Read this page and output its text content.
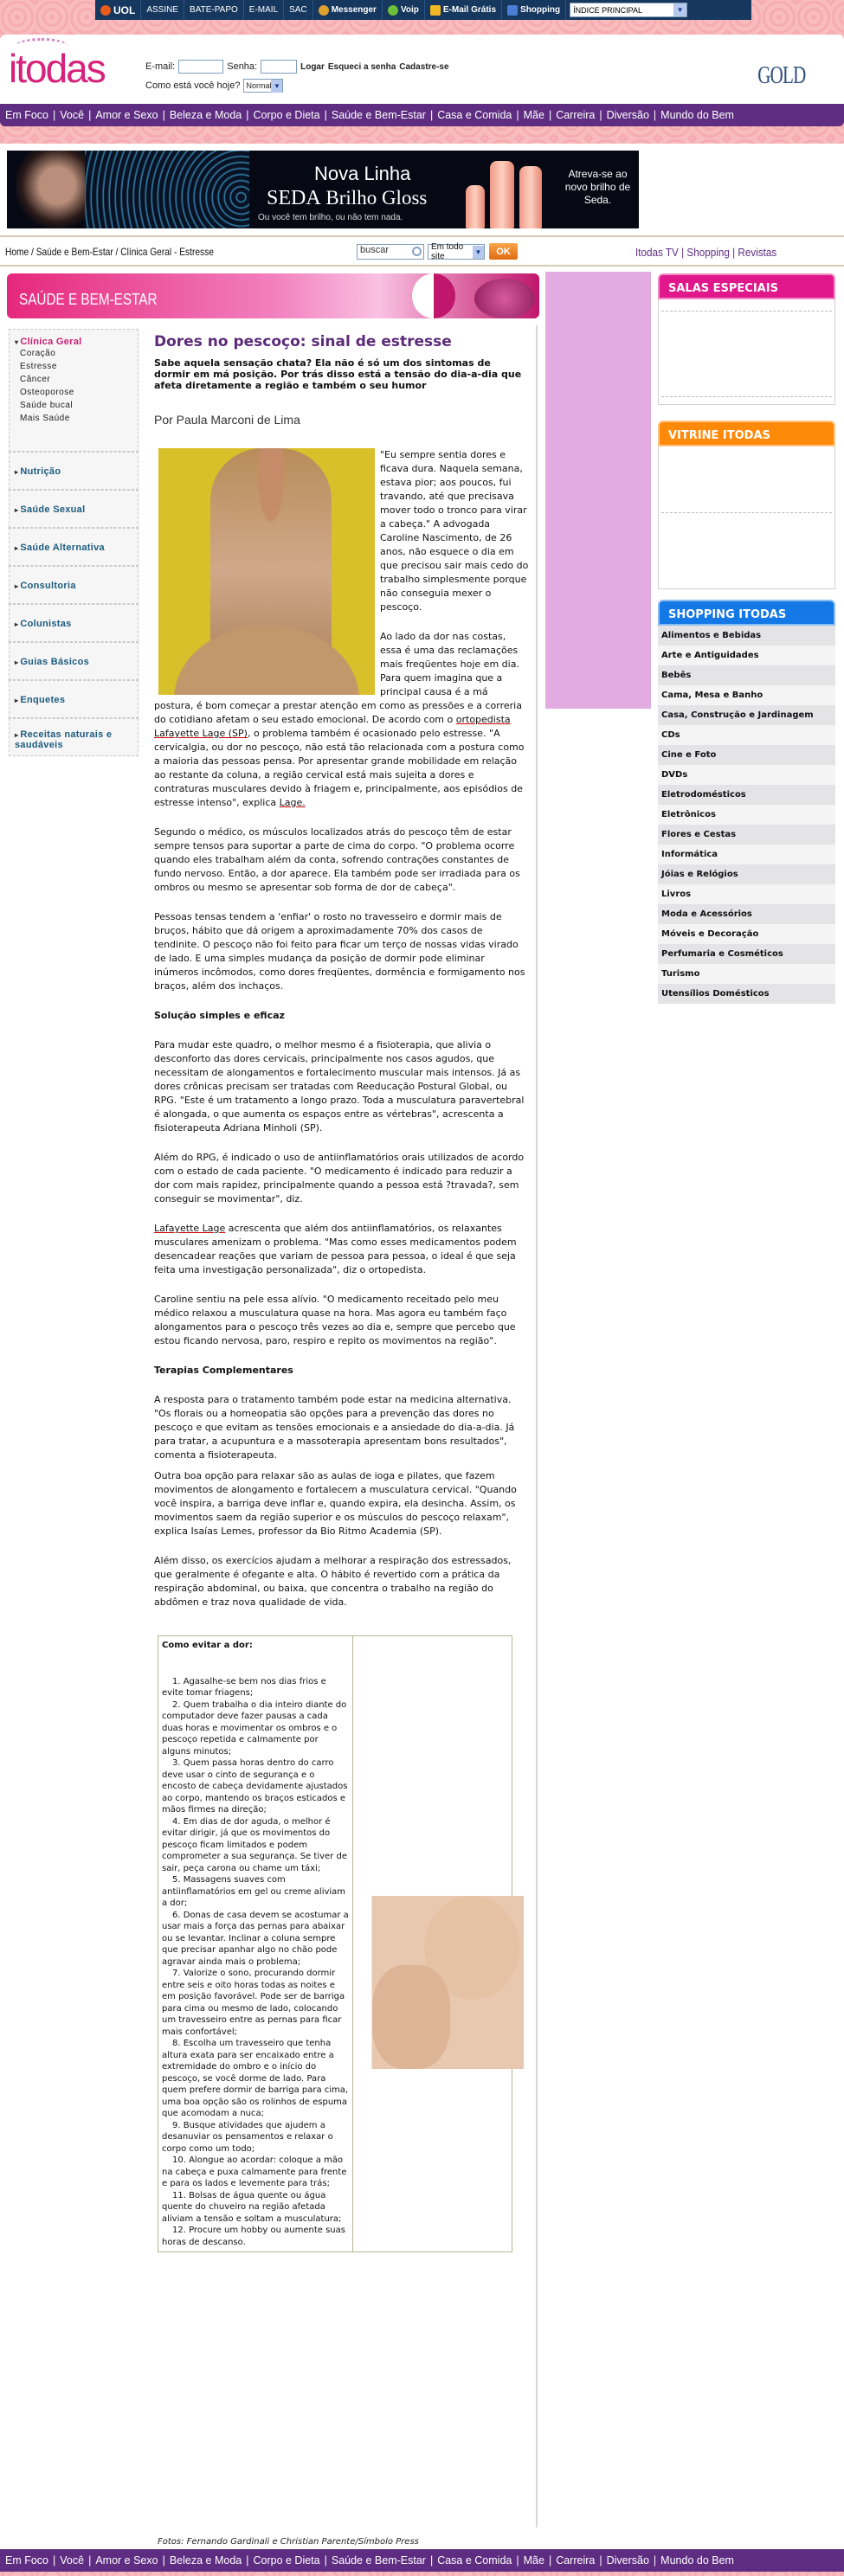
UOL	ASSINE	BATE-PAPO	E-MAIL	SAC	Messenger	Voip	E-Mail Grátis	Shopping ÍNDICE PRINCIPAL	▼
itodas	E-mail:	Senha:	Logar Esqueci a senha Cadastre-se
Como está você hoje? Normal ▼	GOLD
Em Foco | Você | Amor e Sexo | Beleza e Moda | Corpo e Dieta | Saúde e Bem-Estar | Casa e Comida | Mãe | Carreira | Diversão | Mundo do Bem
Nova Linha
SEDA Brilho Gloss
Ou você tem brilho, ou não tem nada.
Atreva-se ao novo brilho de Seda.
Home / Saúde e Bem-Estar / Clínica Geral - Estresse	buscar	Em todo site	▼	OK	Itodas TV | Shopping | Revistas
SAÚDE E BEM-ESTAR
▾ Clínica Geral
Coração
Estresse
Câncer
Osteoporose
Saúde bucal
Mais Saúde
▸ Nutrição
▸ Saúde Sexual
▸ Saúde Alternativa
▸ Consultoria
▸ Colunistas
▸ Guias Básicos
▸ Enquetes
▸ Receitas naturais e saudáveis
Dores no pescoço: sinal de estresse
Sabe aquela sensação chata? Ela não é só um dos sintomas de dormir em má posição. Por trás disso está a tensão do dia-a-dia que afeta diretamente a região e também o seu humor
Por Paula Marconi de Lima

"Eu sempre sentia dores e ficava dura. Naquela semana, estava pior; aos poucos, fui travando, até que precisava mover todo o tronco para virar a cabeça." A advogada Caroline Nascimento, de 26 anos, não esquece o dia em que precisou sair mais cedo do trabalho simplesmente porque não conseguia mexer o pescoço.

Ao lado da dor nas costas, essa é uma das reclamações mais freqüentes hoje em dia. Para quem imagina que a principal causa é a má postura, é bom começar a prestar atenção em como as pressões e a correria do cotidiano afetam o seu estado emocional. De acordo com o ortopedista Lafayette Lage (SP), o problema também é ocasionado pelo estresse. "A cervicalgia, ou dor no pescoço, não está tão relacionada com a postura como a maioria das pessoas pensa. Por apresentar grande mobilidade em relação ao restante da coluna, a região cervical está mais sujeita a dores e contraturas musculares devido à friagem e, principalmente, aos episódios de estresse intenso", explica Lage.

Segundo o médico, os músculos localizados atrás do pescoço têm de estar sempre tensos para suportar a parte de cima do corpo. "O problema ocorre quando eles trabalham além da conta, sofrendo contrações constantes de fundo nervoso. Então, a dor aparece. Ela também pode ser irradiada para os ombros ou mesmo se apresentar sob forma de dor de cabeça".

Pessoas tensas tendem a 'enfiar' o rosto no travesseiro e dormir mais de bruços, hábito que dá origem a aproximadamente 70% dos casos de tendinite. O pescoço não foi feito para ficar um terço de nossas vidas virado de lado. E uma simples mudança da posição de dormir pode eliminar inúmeros incômodos, como dores freqüentes, dormência e formigamento nos braços, além dos inchaços.

Solução simples e eficaz

Para mudar este quadro, o melhor mesmo é a fisioterapia, que alivia o desconforto das dores cervicais, principalmente nos casos agudos, que necessitam de alongamentos e fortalecimento muscular mais intensos. Já as dores crônicas precisam ser tratadas com Reeducação Postural Global, ou RPG. "Este é um tratamento a longo prazo. Toda a musculatura paravertebral é alongada, o que aumenta os espaços entre as vértebras", acrescenta a fisioterapeuta Adriana Minholi (SP).

Além do RPG, é indicado o uso de antiinflamatórios orais utilizados de acordo com o estado de cada paciente. "O medicamento é indicado para reduzir a dor com mais rapidez, principalmente quando a pessoa está ?travada?, sem conseguir se movimentar", diz.

Lafayette Lage acrescenta que além dos antiinflamatórios, os relaxantes musculares amenizam o problema. "Mas como esses medicamentos podem desencadear reações que variam de pessoa para pessoa, o ideal é que seja feita uma investigação personalizada", diz o ortopedista.

Caroline sentiu na pele essa alívio. "O medicamento receitado pelo meu médico relaxou a musculatura quase na hora. Mas agora eu também faço alongamentos para o pescoço três vezes ao dia e, sempre que percebo que estou ficando nervosa, paro, respiro e repito os movimentos na região".

Terapias Complementares

A resposta para o tratamento também pode estar na medicina alternativa. "Os florais ou a homeopatia são opções para a prevenção das dores no pescoço e que evitam as tensões emocionais e a ansiedade do dia-a-dia. Já para tratar, a acupuntura e a massoterapia apresentam bons resultados", comenta a fisioterapeuta.

Outra boa opção para relaxar são as aulas de ioga e pilates, que fazem movimentos de alongamento e fortalecem a musculatura cervical. "Quando você inspira, a barriga deve inflar e, quando expira, ela desincha. Assim, os movimentos saem da região superior e os músculos do pescoço relaxam", explica Isaías Lemes, professor da Bio Ritmo Academia (SP).

Além disso, os exercícios ajudam a melhorar a respiração dos estressados, que geralmente é ofegante e alta. O hábito é revertido com a prática da respiração abdominal, ou baixa, que concentra o trabalho na região do abdômen e traz nova qualidade de vida.

Como evitar a dor:
1. Agasalhe-se bem nos dias frios e evite tomar friagens;
2. Quem trabalha o dia inteiro diante do computador deve fazer pausas a cada duas horas e movimentar os ombros e o pescoço repetida e calmamente por alguns minutos;
3. Quem passa horas dentro do carro deve usar o cinto de segurança e o encosto de cabeça devidamente ajustados ao corpo, mantendo os braços esticados e mãos firmes na direção;
4. Em dias de dor aguda, o melhor é evitar dirigir, já que os movimentos do pescoço ficam limitados e podem comprometer a sua segurança. Se tiver de sair, peça carona ou chame um táxi;
5. Massagens suaves com antiinflamatórios em gel ou creme aliviam a dor;
6. Donas de casa devem se acostumar a usar mais a força das pernas para abaixar ou se levantar. Inclinar a coluna sempre que precisar apanhar algo no chão pode agravar ainda mais o problema;
7. Valorize o sono, procurando dormir entre seis e oito horas todas as noites e em posição favorável. Pode ser de barriga para cima ou mesmo de lado, colocando um travesseiro entre as pernas para ficar mais confortável;
8. Escolha um travesseiro que tenha altura exata para ser encaixado entre a extremidade do ombro e o início do pescoço, se você dorme de lado. Para quem prefere dormir de barriga para cima, uma boa opção são os rolinhos de espuma que acomodam a nuca;
9. Busque atividades que ajudem a desanuviar os pensamentos e relaxar o corpo como um todo;
10. Alongue ao acordar: coloque a mão na cabeça e puxa calmamente para frente e para os lados e levemente para trás;
11. Bolsas de água quente ou água quente do chuveiro na região afetada aliviam a tensão e soltam a musculatura;
12. Procure um hobby ou aumente suas horas de descanso.
Fotos: Fernando Gardinali e Christian Parente/Símbolo Press
SALAS ESPECIAIS
VITRINE ITODAS
SHOPPING ITODAS
Alimentos e Bebidas
Arte e Antiguidades
Bebês
Cama, Mesa e Banho
Casa, Construção e Jardinagem
CDs
Cine e Foto
DVDs
Eletrodomésticos
Eletrônicos
Flores e Cestas
Informática
Jóias e Relógios
Livros
Moda e Acessórios
Móveis e Decoração
Perfumaria e Cosméticos
Turismo
Utensílios Domésticos
Em Foco | Você | Amor e Sexo | Beleza e Moda | Corpo e Dieta | Saúde e Bem-Estar | Casa e Comida | Mãe | Carreira | Diversão | Mundo do Bem
